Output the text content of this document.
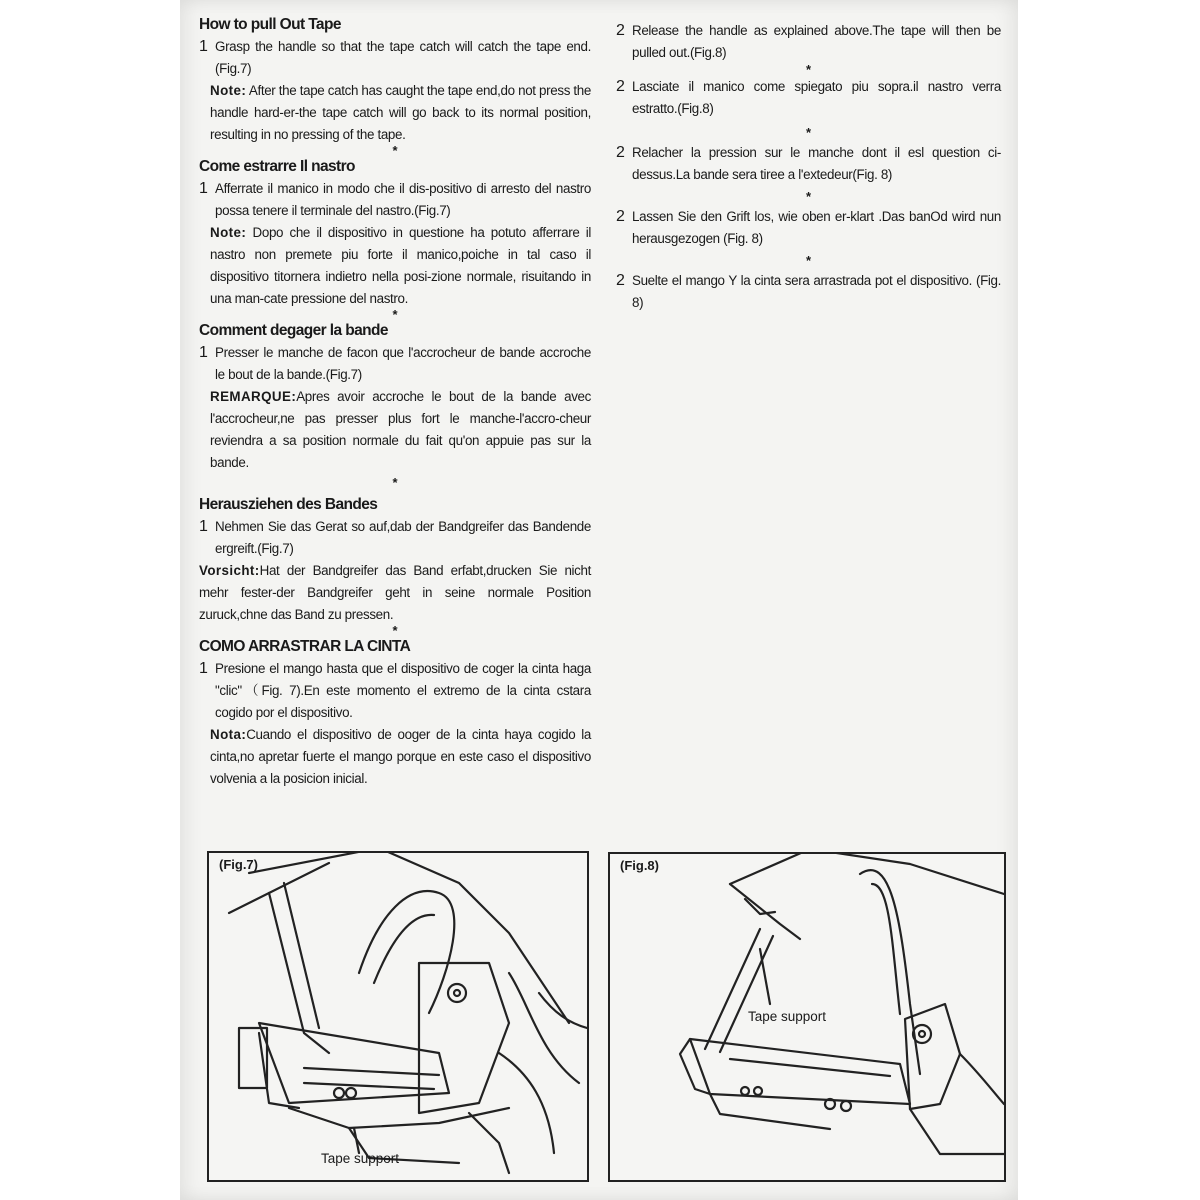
How to pull Out Tape
1 Grasp the handle so that the tape catch will catch the tape end.(Fig.7)
Note: After the tape catch has caught the tape end,do not press the handle hard-er-the tape catch will go back to its normal position, resulting in no pressing of the tape.
*
Come estrarre Il nastro
1 Afferrate il manico in modo che il dis-positivo di arresto del nastro possa tenere il terminale del nastro.(Fig.7)
Note: Dopo che il dispositivo in questione ha potuto afferrare il nastro non premete piu forte il manico,poiche in tal caso il dispositivo titornera indietro nella posi-zione normale, risuitando in una man-cate pressione del nastro.
*
Comment degager la bande
1 Presser le manche de facon que l'accrocheur de bande accroche le bout de la bande.(Fig.7)
REMARQUE:Apres avoir accroche le bout de la bande avec l'accrocheur,ne pas presser plus fort le manche-l'accro-cheur reviendra a sa position normale du fait qu'on appuie pas sur la bande.
*
Herausziehen des Bandes
1 Nehmen Sie das Gerat so auf,dab der Bandgreifer das Bandende ergreift.(Fig.7)
Vorsicht:Hat der Bandgreifer das Band erfabt,drucken Sie nicht mehr fester-der Bandgreifer geht in seine normale Position zuruck,chne das Band zu pressen.
*
COMO ARRASTRAR LA CINTA
1 Presione el mango hasta que el dispositivo de coger la cinta haga "clic"（Fig. 7).En este momento el extremo de la cinta cstara cogido por el dispositivo.
Nota:Cuando el dispositivo de ooger de la cinta haya cogido la cinta,no apretar fuerte el mango porque en este caso el dispositivo volvenia a la posicion inicial.
2 Release the handle as explained above.The tape will then be pulled out.(Fig.8)
*
2 Lasciate il manico come spiegato piu sopra.il nastro verra estratto.(Fig.8)
*
2 Relacher la pression sur le manche dont il esl question ci-dessus.La bande sera tiree a l'extedeur(Fig. 8)
*
2 Lassen Sie den Grift los, wie oben er-klart .Das banOd wird nun herausgezogen (Fig. 8)
*
2 Suelte el mango Y la cinta sera arrastrada pot el dispositivo. (Fig. 8)
(Fig.7)
Tape support
(Fig.8)
Tape support
